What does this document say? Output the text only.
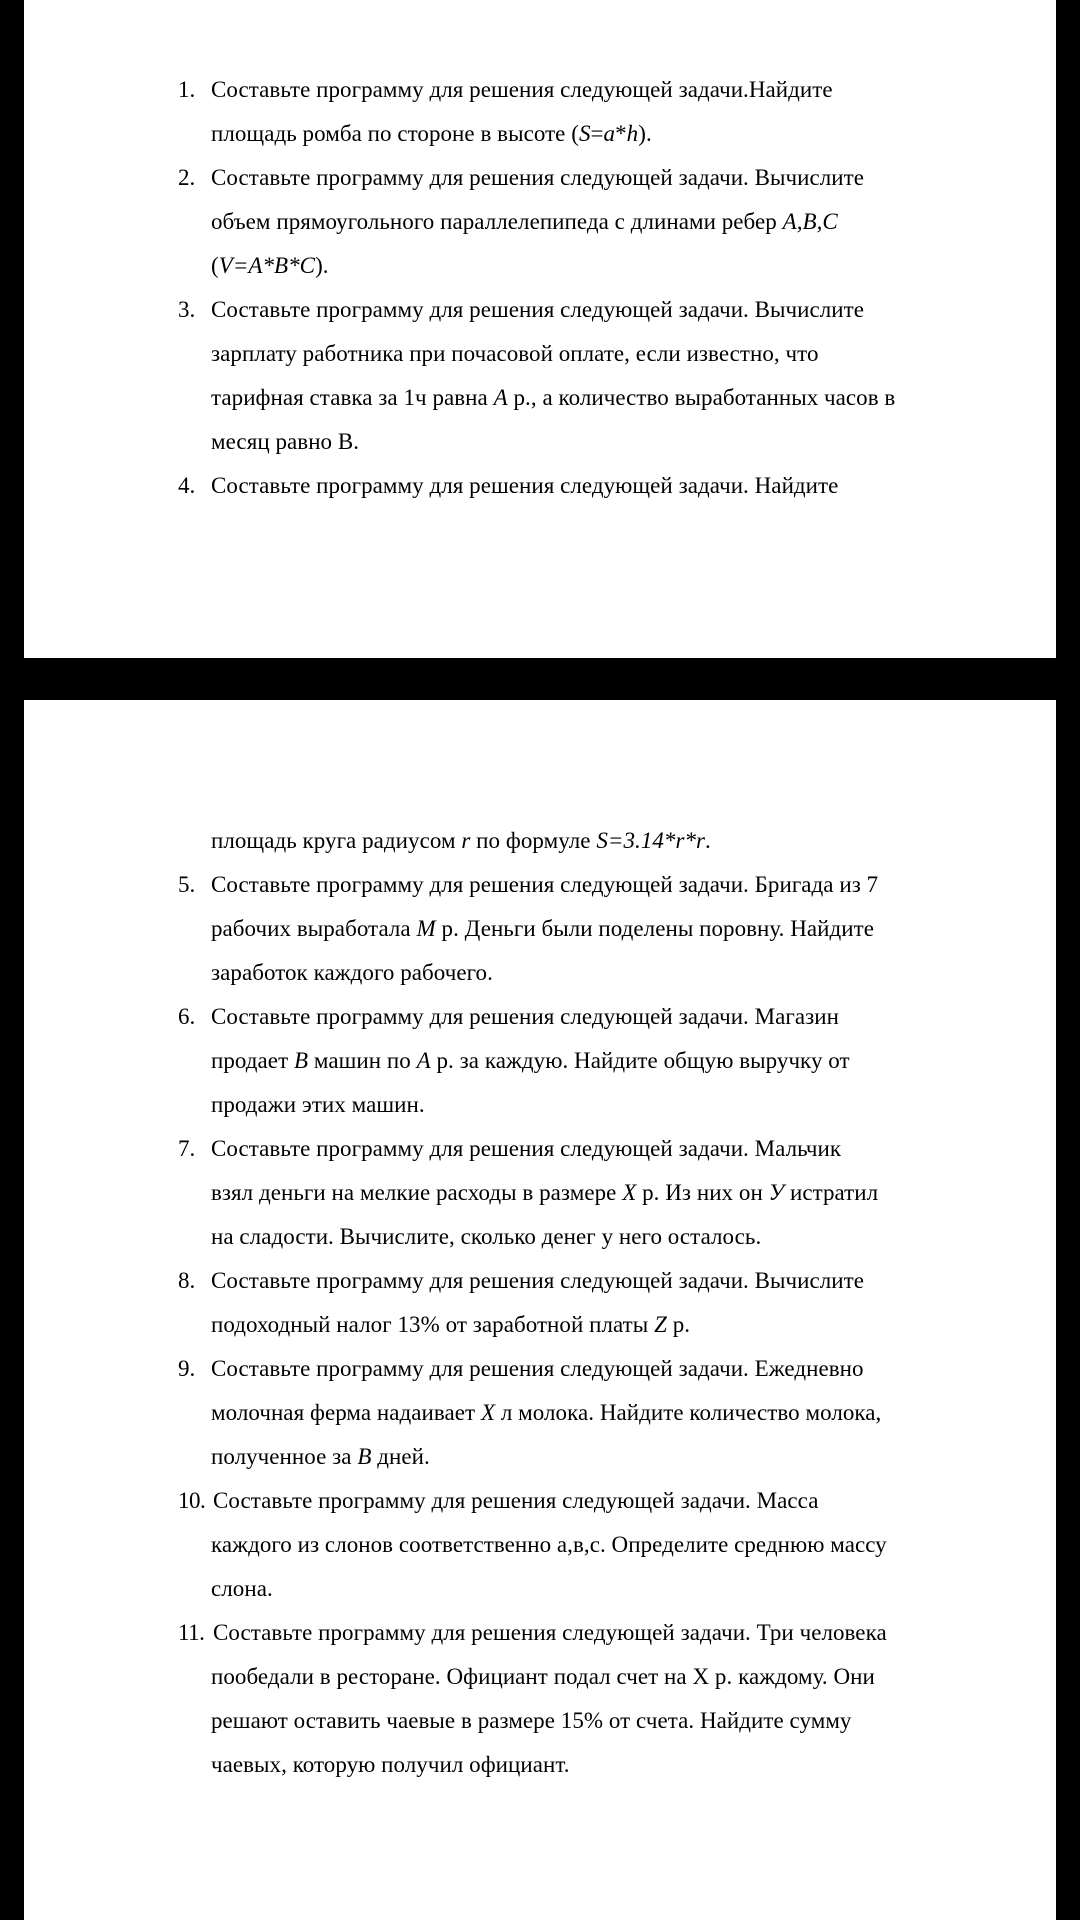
1. Составьте программу для решения следующей задачи.Найдите
площадь ромба по стороне в высоте (S=a*h).
2. Составьте программу для решения следующей задачи. Вычислите
объем прямоугольного параллелепипеда с длинами ребер A,B,C
(V=A*B*C).
3. Составьте программу для решения следующей задачи. Вычислите
зарплату работника при почасовой оплате, если известно, что
тарифная ставка за 1ч равна A р., а количество выработанных часов в
месяц равно В.
4. Составьте программу для решения следующей задачи. Найдите
площадь круга радиусом r по формуле S=3.14*r*r.
5. Составьте программу для решения следующей задачи. Бригада из 7
рабочих выработала М р. Деньги были поделены поровну. Найдите
заработок каждого рабочего.
6. Составьте программу для решения следующей задачи. Магазин
продает В машин по А р. за каждую. Найдите общую выручку от
продажи этих машин.
7. Составьте программу для решения следующей задачи. Мальчик
взял деньги на мелкие расходы в размере Х р. Из них он У истратил
на сладости. Вычислите, сколько денег у него осталось.
8. Составьте программу для решения следующей задачи. Вычислите
подоходный налог 13% от заработной платы Z р.
9. Составьте программу для решения следующей задачи. Ежедневно
молочная ферма надаивает Х л молока. Найдите количество молока,
полученное за В дней.
10. Составьте программу для решения следующей задачи. Масса
каждого из слонов соответственно а,в,с. Определите среднюю массу
слона.
11. Составьте программу для решения следующей задачи. Три человека
пообедали в ресторане. Официант подал счет на Х р. каждому. Они
решают оставить чаевые в размере 15% от счета. Найдите сумму
чаевых, которую получил официант.
